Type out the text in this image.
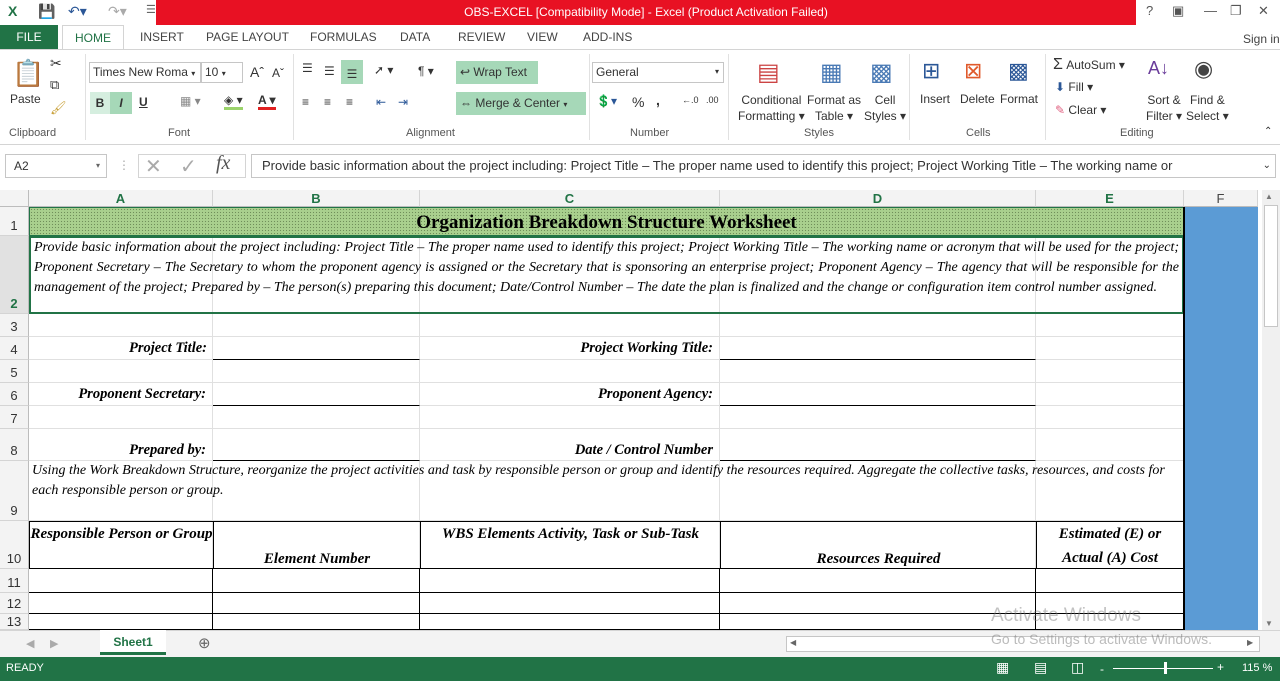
X 💾 ↶▾ ↷▾ ☰	OBS-EXCEL [Compatibility Mode] - Excel (Product Activation Failed)	? ▣ — ❐ ✕
FILE	HOME	INSERT PAGE LAYOUT FORMULAS DATA REVIEW VIEW ADD-INS	Sign in
📋
Paste
✂
⧉
🖌
Clipboard
Times New Roma ▾ 10 ▾	Aˆ Aˇ
B	I	U	▦ ▾ ◈ ▾ A ▾
Font
☰ ☰ ☰	➚ ▾ ¶ ▾
≡ ≡ ≡ ⇤ ⇥
↩ Wrap Text
⇔ Merge & Center ▾
Alignment
General	▾
💲▾ % , ←.0 .00
Number
▤
Conditional
Formatting ▾
▦
Format as
Table ▾
▩
Cell
Styles ▾
Styles
⊞
Insert
⊠
Delete
▩
Format
Cells
Σ AutoSum ▾
⬇ Fill ▾
✎ Clear ▾
A↓
Sort &
Filter ▾
◉
Find &
Select ▾
Editing	⌃
A2	▾ ⋮ ✕ ✓ fx	Provide basic information about the project including: Project Title – The proper name used to identify this project; Project Working Title – The working name or	⌄
A	B	C	D	E	F
1
2
3
4
5
6
7
8
9
10
11
12
13
Organization Breakdown Structure Worksheet
Provide basic information about the project including: Project Title – The proper name used to identify this project; Project Working Title – The working name or acronym that will be used for the project; Proponent Secretary – The Secretary to whom the proponent agency is assigned or the Secretary that is sponsoring an enterprise project; Proponent Agency – The agency that will be responsible for the management of the project; Prepared by – The person(s) preparing this document; Date/Control Number – The date the plan is finalized and the change or configuration item control number assigned.
Project Title:	Project Working Title:
Proponent Secretary:	Proponent Agency:
Prepared by:	Date / Control Number
Using the Work Breakdown Structure, reorganize the project activities and task by responsible person or group and identify the resources required. Aggregate the collective tasks, resources, and costs for each responsible person or group.
Responsible Person or Group
Element Number
WBS Elements Activity, Task or Sub-Task
Resources Required
Estimated (E) or Actual (A) Cost
▲
▼
◀ ▶	Sheet1	⊕	◀	▶
Activate Windows
Go to Settings to activate Windows.
READY	▦ ▤ ◫ -	+ 115 %
